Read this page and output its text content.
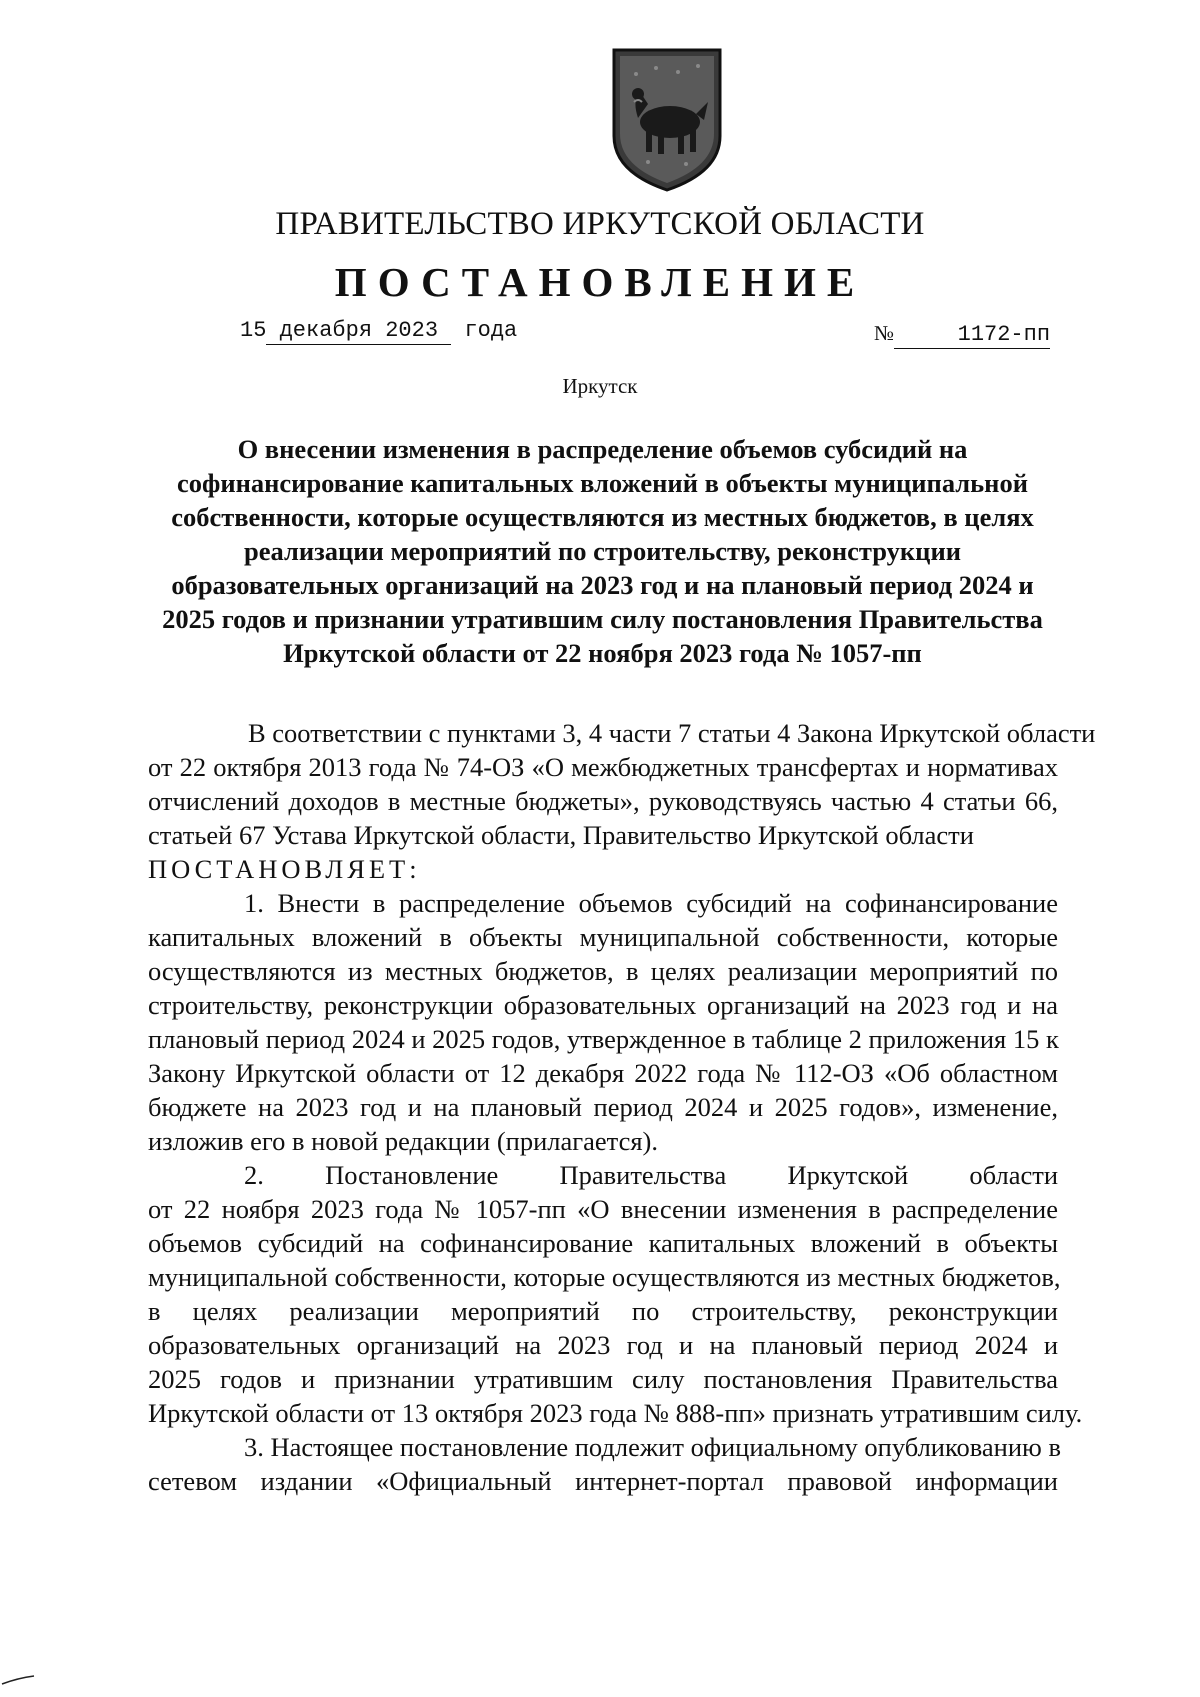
ПРАВИТЕЛЬСТВО ИРКУТСКОЙ ОБЛАСТИ
ПОСТАНОВЛЕНИЕ
15 декабря 2023 года	№	1172-пп
Иркутск
О внесении изменения в распределение объемов субсидий на
софинансирование капитальных вложений в объекты муниципальной
собственности, которые осуществляются из местных бюджетов, в целях
реализации мероприятий по строительству, реконструкции
образовательных организаций на 2023 год и на плановый период 2024 и
2025 годов и признании утратившим силу постановления Правительства
Иркутской области от 22 ноября 2023 года № 1057-пп
В соответствии с пунктами 3, 4 части 7 статьи 4 Закона Иркутской области
от 22 октября 2013 года № 74-ОЗ «О межбюджетных трансфертах и нормативах
отчислений доходов в местные бюджеты», руководствуясь частью 4 статьи 66,
статьей 67 Устава Иркутской области, Правительство Иркутской области
ПОСТАНОВЛЯЕТ:
1. Внести в распределение объемов субсидий на софинансирование
капитальных вложений в объекты муниципальной собственности, которые
осуществляются из местных бюджетов, в целях реализации мероприятий по
строительству, реконструкции образовательных организаций на 2023 год и на
плановый период 2024 и 2025 годов, утвержденное в таблице 2 приложения 15 к
Закону Иркутской области от 12 декабря 2022 года № 112-ОЗ «Об областном
бюджете на 2023 год и на плановый период 2024 и 2025 годов», изменение,
изложив его в новой редакции (прилагается).
2. Постановление Правительства Иркутской области
от 22 ноября 2023 года № 1057-пп «О внесении изменения в распределение
объемов субсидий на софинансирование капитальных вложений в объекты
муниципальной собственности, которые осуществляются из местных бюджетов,
в целях реализации мероприятий по строительству, реконструкции
образовательных организаций на 2023 год и на плановый период 2024 и
2025 годов и признании утратившим силу постановления Правительства
Иркутской области от 13 октября 2023 года № 888-пп» признать утратившим силу.
3. Настоящее постановление подлежит официальному опубликованию в
сетевом издании «Официальный интернет-портал правовой информации
